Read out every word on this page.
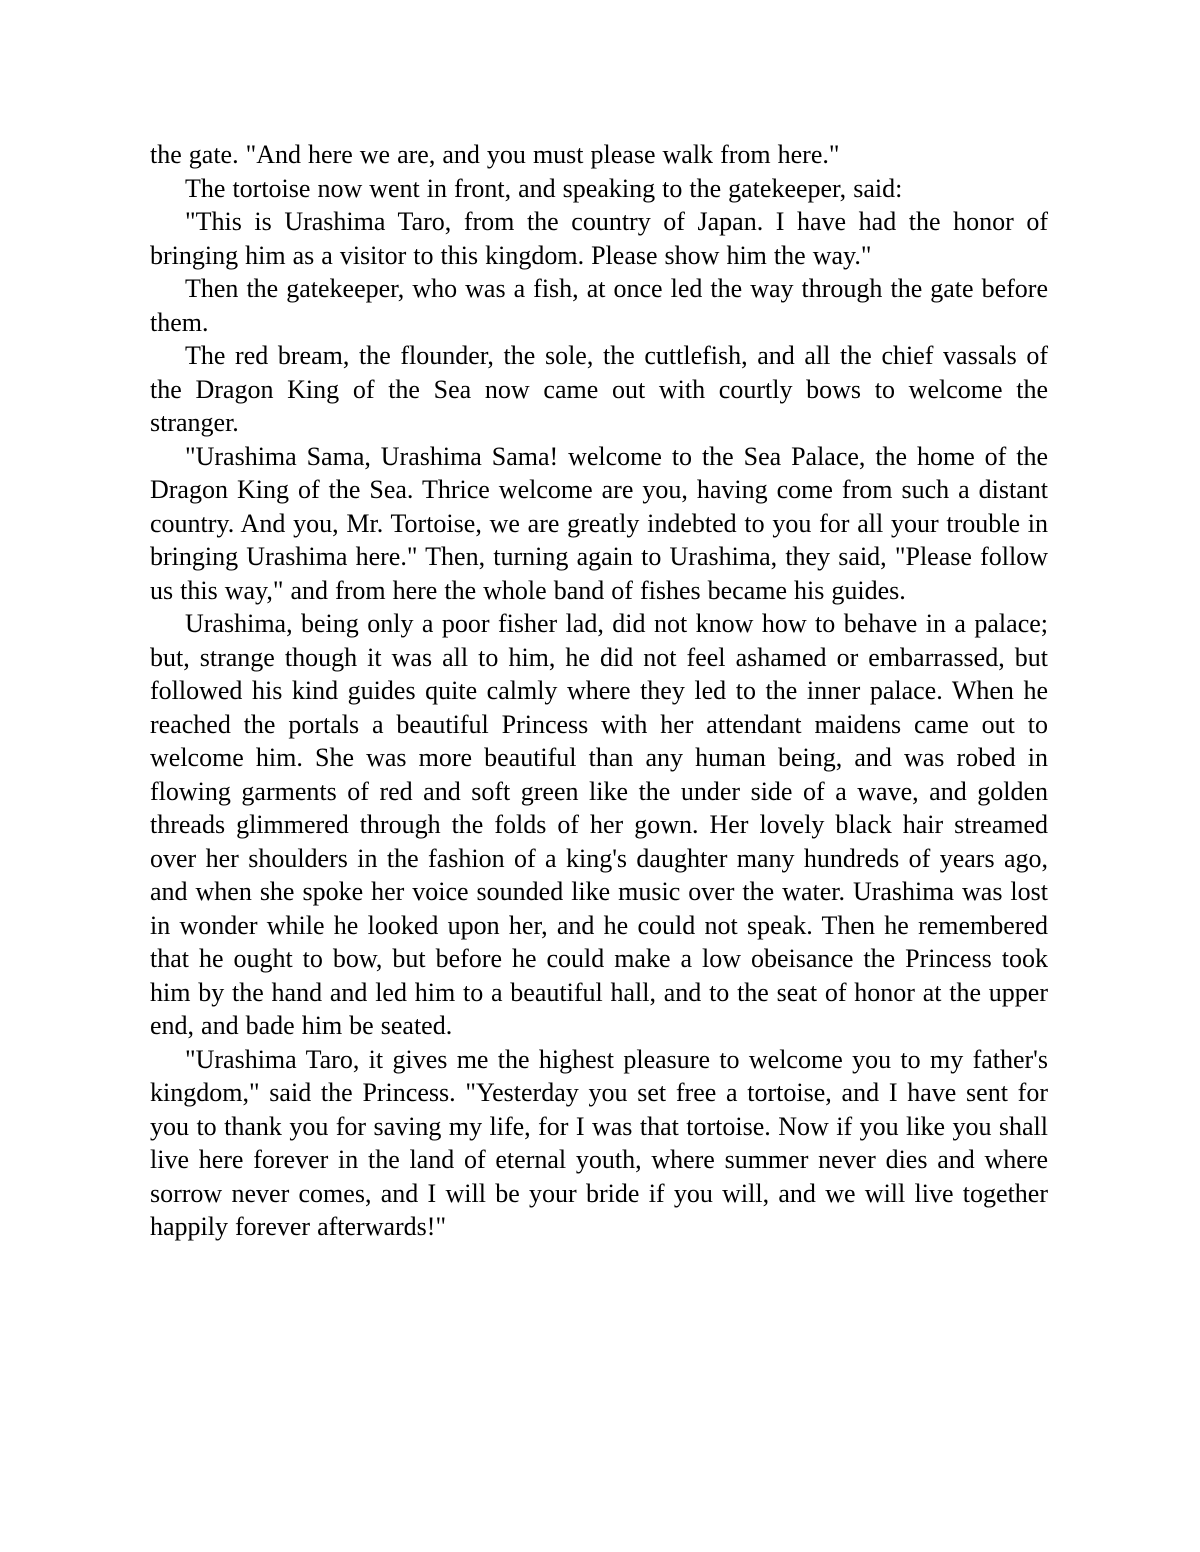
the gate. "And here we are, and you must please walk from here."

The tortoise now went in front, and speaking to the gatekeeper, said:

"This is Urashima Taro, from the country of Japan. I have had the honor of bringing him as a visitor to this kingdom. Please show him the way."

Then the gatekeeper, who was a fish, at once led the way through the gate before them.

The red bream, the flounder, the sole, the cuttlefish, and all the chief vassals of the Dragon King of the Sea now came out with courtly bows to welcome the stranger.

"Urashima Sama, Urashima Sama! welcome to the Sea Palace, the home of the Dragon King of the Sea. Thrice welcome are you, having come from such a distant country. And you, Mr. Tortoise, we are greatly indebted to you for all your trouble in bringing Urashima here." Then, turning again to Urashima, they said, "Please follow us this way," and from here the whole band of fishes became his guides.

Urashima, being only a poor fisher lad, did not know how to behave in a palace; but, strange though it was all to him, he did not feel ashamed or embarrassed, but followed his kind guides quite calmly where they led to the inner palace. When he reached the portals a beautiful Princess with her attendant maidens came out to welcome him. She was more beautiful than any human being, and was robed in flowing garments of red and soft green like the under side of a wave, and golden threads glimmered through the folds of her gown. Her lovely black hair streamed over her shoulders in the fashion of a king's daughter many hundreds of years ago, and when she spoke her voice sounded like music over the water. Urashima was lost in wonder while he looked upon her, and he could not speak. Then he remembered that he ought to bow, but before he could make a low obeisance the Princess took him by the hand and led him to a beautiful hall, and to the seat of honor at the upper end, and bade him be seated.

"Urashima Taro, it gives me the highest pleasure to welcome you to my father's kingdom," said the Princess. "Yesterday you set free a tortoise, and I have sent for you to thank you for saving my life, for I was that tortoise. Now if you like you shall live here forever in the land of eternal youth, where summer never dies and where sorrow never comes, and I will be your bride if you will, and we will live together happily forever afterwards!"
